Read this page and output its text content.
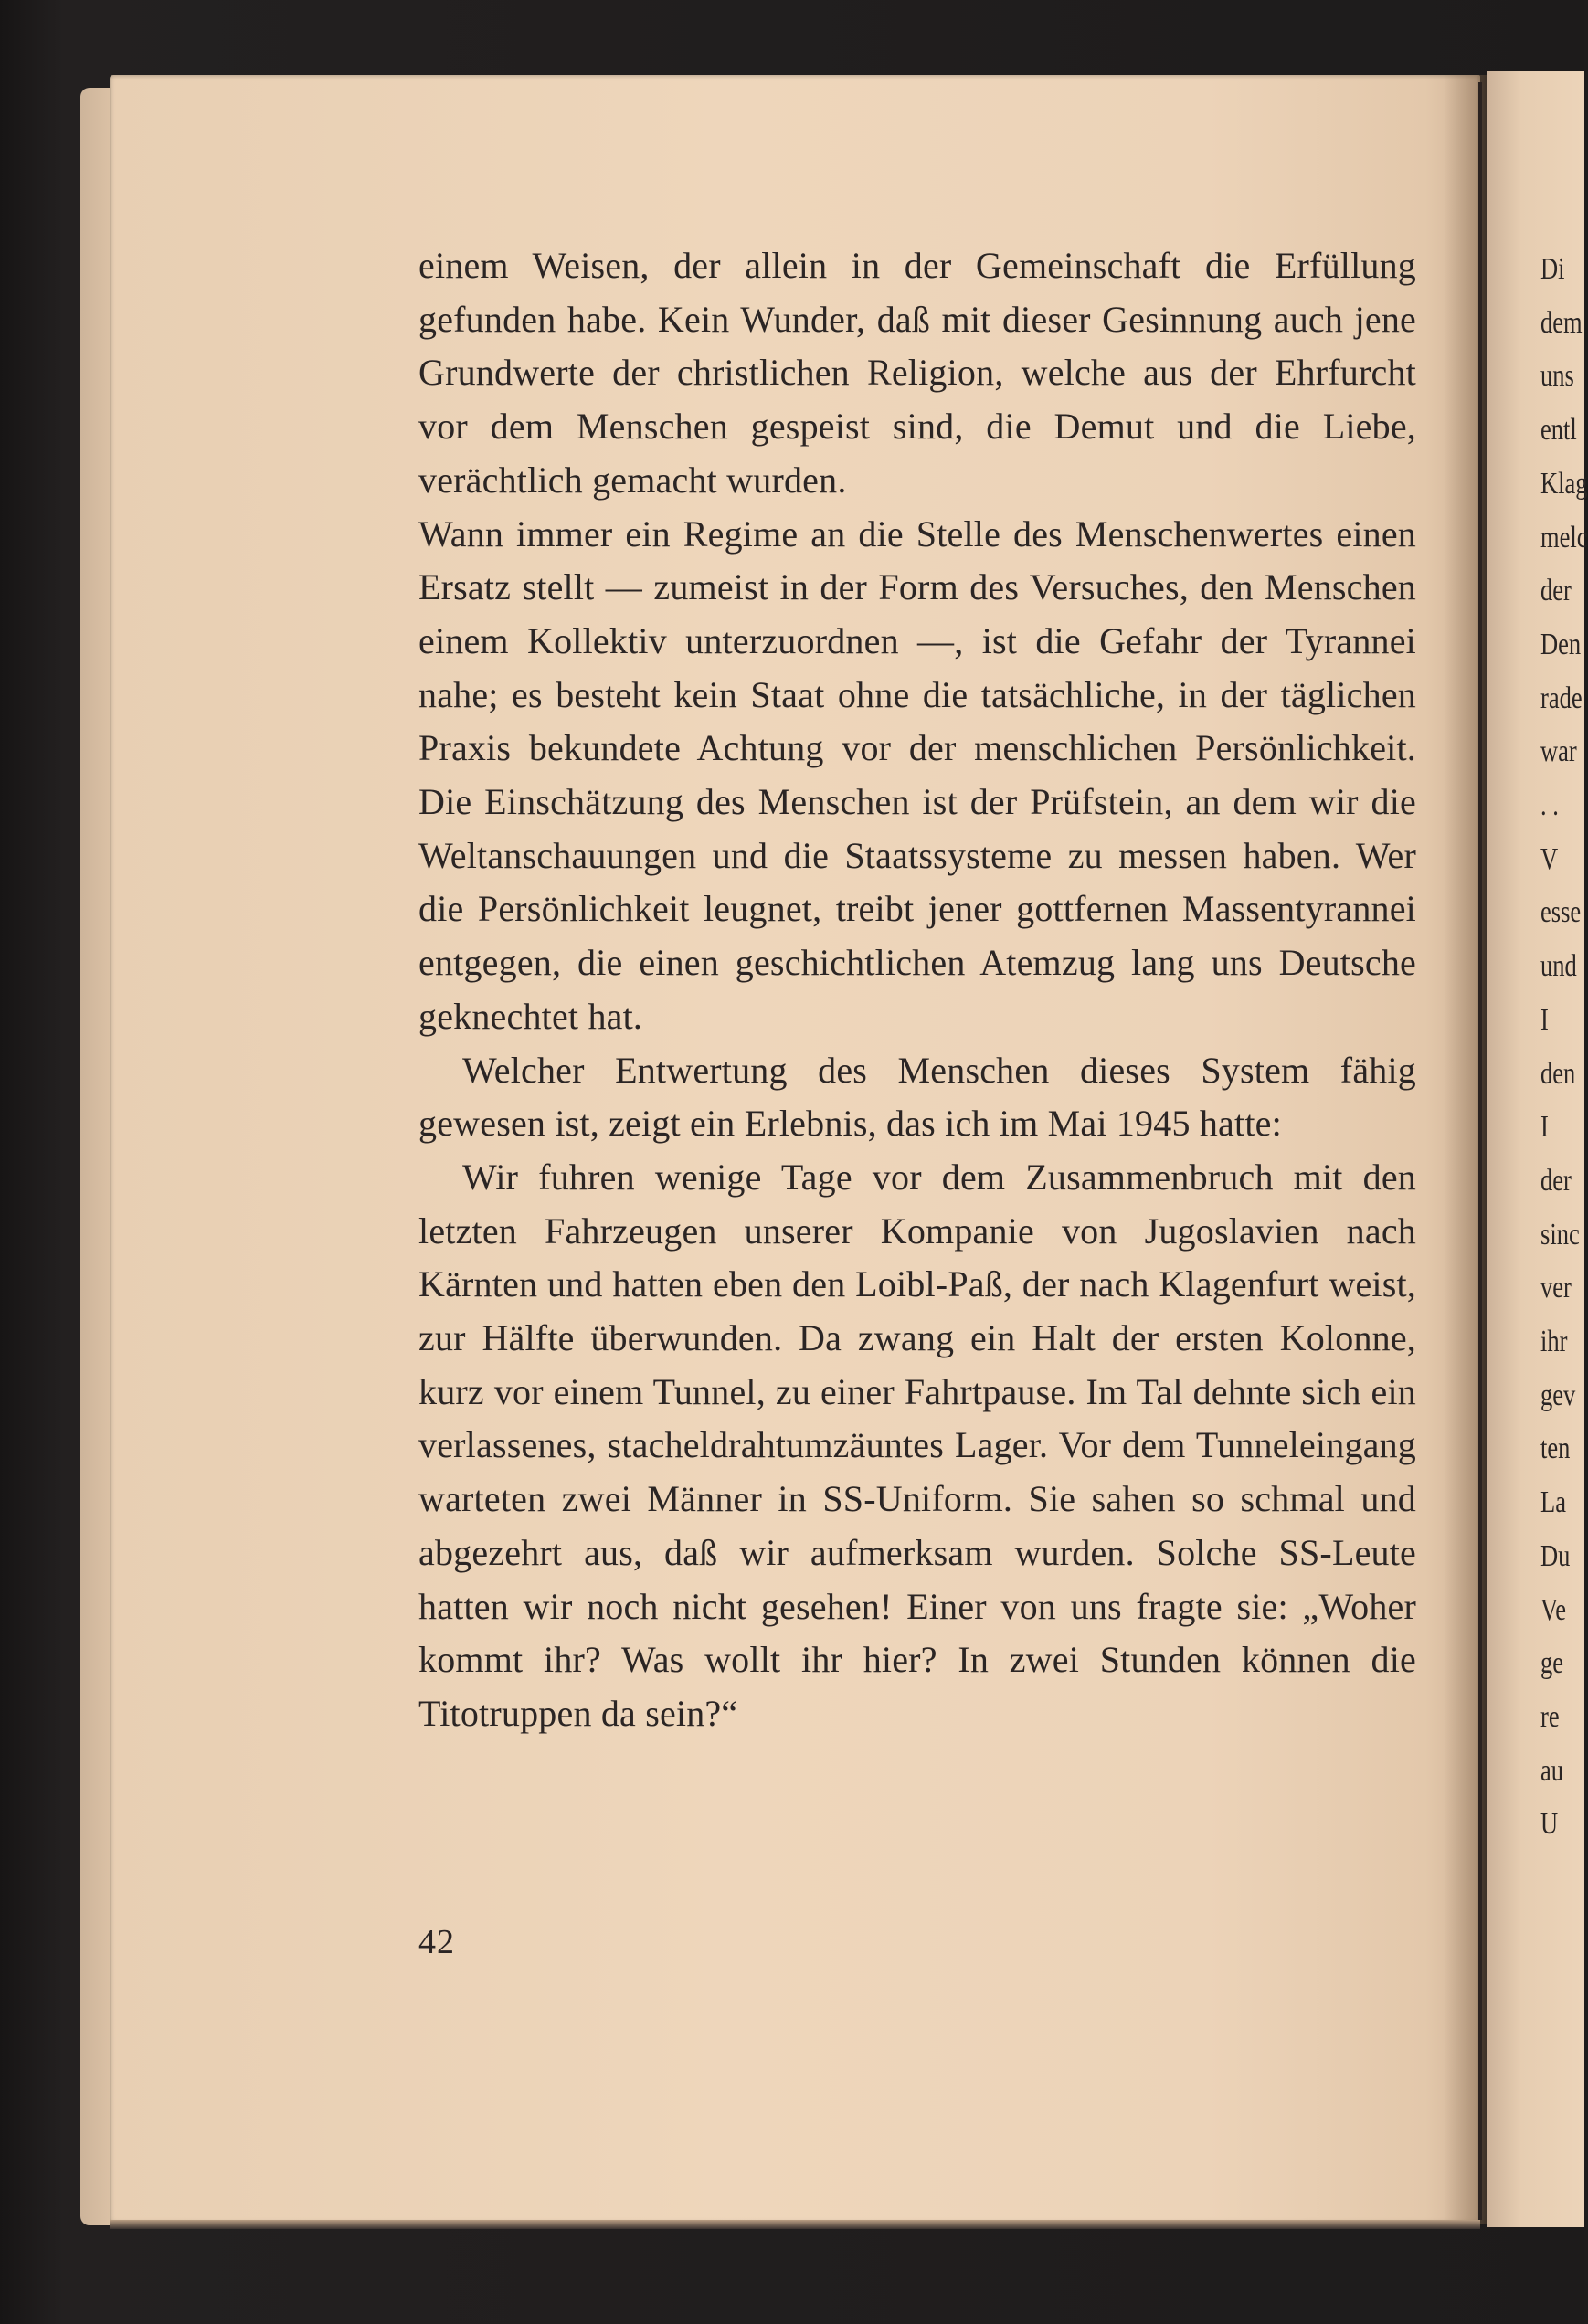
Di
dem
uns
entl
Klag
melc
der
Den
rade
war
. .
V
esse
und
I
den
I
der
sinc
ver
ihr
gev
ten
La
Du
Ve
ge
re
au
U

einem Weisen, der allein in der Gemeinschaft die Erfüllung gefunden habe. Kein Wunder, daß mit dieser Gesinnung auch jene Grundwerte der christlichen Religion, welche aus der Ehrfurcht vor dem Menschen gespeist sind, die Demut und die Liebe, verächtlich gemacht wurden.

Wann immer ein Regime an die Stelle des Menschenwertes einen Ersatz stellt — zumeist in der Form des Versuches, den Menschen einem Kollektiv unterzuordnen —, ist die Gefahr der Tyrannei nahe; es besteht kein Staat ohne die tatsächliche, in der täglichen Praxis bekundete Achtung vor der menschlichen Persönlichkeit. Die Einschätzung des Menschen ist der Prüfstein, an dem wir die Weltanschauungen und die Staatssysteme zu messen haben. Wer die Persönlichkeit leugnet, treibt jener gottfernen Massentyrannei entgegen, die einen geschichtlichen Atemzug lang uns Deutsche geknechtet hat.

Welcher Entwertung des Menschen dieses System fähig gewesen ist, zeigt ein Erlebnis, das ich im Mai 1945 hatte:

Wir fuhren wenige Tage vor dem Zusammenbruch mit den letzten Fahrzeugen unserer Kompanie von Jugoslavien nach Kärnten und hatten eben den Loibl-Paß, der nach Klagenfurt weist, zur Hälfte überwunden. Da zwang ein Halt der ersten Kolonne, kurz vor einem Tunnel, zu einer Fahrtpause. Im Tal dehnte sich ein verlassenes, stacheldrahtumzäuntes Lager. Vor dem Tunneleingang warteten zwei Männer in SS-Uniform. Sie sahen so schmal und abgezehrt aus, daß wir aufmerksam wurden. Solche SS-Leute hatten wir noch nicht gesehen! Einer von uns fragte sie: „Woher kommt ihr? Was wollt ihr hier? In zwei Stunden können die Titotruppen da sein?“

42
